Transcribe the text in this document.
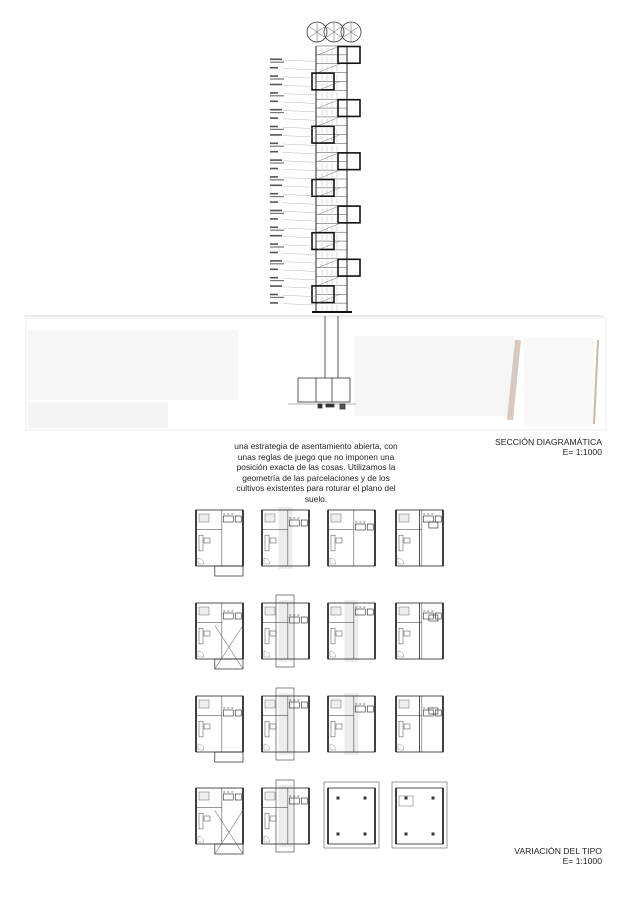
una estrategia de asentamiento abierta, con unas reglas de juego que no imponen una posición exacta de las cosas. Utilizamos la geometría de las parcelaciones y de los cultivos existentes para roturar el plano del suelo.
SECCIÓN DIAGRAMÁTICA
E= 1:1000
VARIACIÓN DEL TIPO
E= 1:1000
